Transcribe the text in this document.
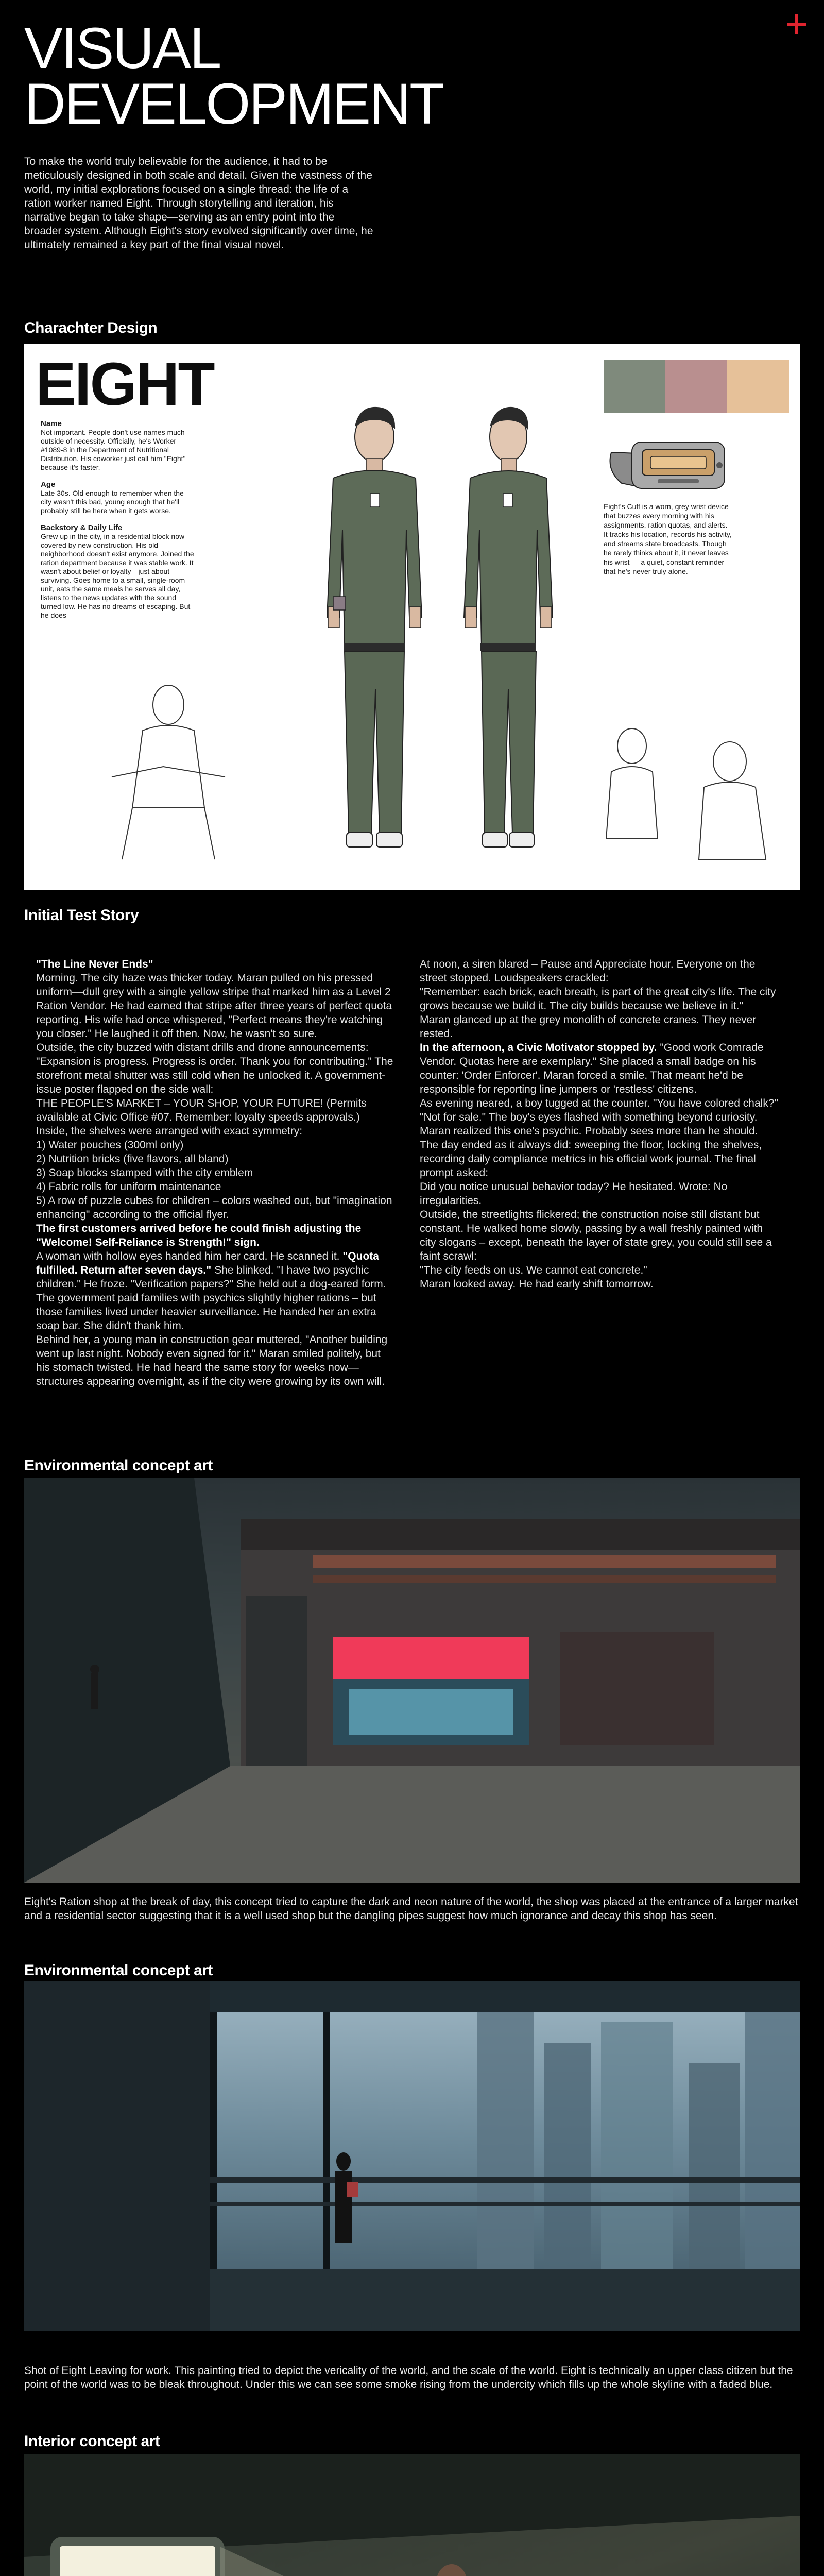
VISUAL DEVELOPMENT
To make the world truly believable for the audience, it had to be meticulously designed in both scale and detail. Given the vastness of the world, my initial explorations focused on a single thread: the life of a ration worker named Eight. Through storytelling and iteration, his narrative began to take shape—serving as an entry point into the broader system. Although Eight's story evolved significantly over time, he ultimately remained a key part of the final visual novel.
Charachter Design
EIGHT
Name

Not important. People don't use names much outside of necessity. Officially, he's Worker #1089-8 in the Department of Nutritional Distribution. His coworker just call him "Eight" because it's faster.

Age

Late 30s. Old enough to remember when the city wasn't this bad, young enough that he'll probably still be here when it gets worse.

Backstory & Daily Life

Grew up in the city, in a residential block now covered by new construction. His old neighborhood doesn't exist anymore. Joined the ration department because it was stable work. It wasn't about belief or loyalty—just about surviving. Goes home to a small, single-room unit, eats the same meals he serves all day, listens to the news updates with the sound turned low. He has no dreams of escaping. But he does

Eight's Cuff is a worn, grey wrist device that buzzes every morning with his assignments, ration quotas, and alerts. It tracks his location, records his activity, and streams state broadcasts. Though he rarely thinks about it, it never leaves his wrist — a quiet, constant reminder that he's never truly alone.
Initial Test Story

"The Line Never Ends"

Morning. The city haze was thicker today. Maran pulled on his pressed uniform—dull grey with a single yellow stripe that marked him as a Level 2 Ration Vendor. He had earned that stripe after three years of perfect quota reporting. His wife had once whispered, "Perfect means they're watching you closer." He laughed it off then. Now, he wasn't so sure.

Outside, the city buzzed with distant drills and drone announcements: "Expansion is progress. Progress is order. Thank you for contributing." The storefront metal shutter was still cold when he unlocked it. A government-issue poster flapped on the side wall:

THE PEOPLE'S MARKET – YOUR SHOP, YOUR FUTURE! (Permits available at Civic Office #07. Remember: loyalty speeds approvals.)

Inside, the shelves were arranged with exact symmetry:

1) Water pouches (300ml only)

2) Nutrition bricks (five flavors, all bland)

3) Soap blocks stamped with the city emblem

4) Fabric rolls for uniform maintenance

5) A row of puzzle cubes for children – colors washed out, but "imagination enhancing" according to the official flyer.

The first customers arrived before he could finish adjusting the "Welcome! Self-Reliance is Strength!" sign.

A woman with hollow eyes handed him her card. He scanned it. "Quota fulfilled. Return after seven days." She blinked. "I have two psychic children." He froze. "Verification papers?" She held out a dog-eared form. The government paid families with psychics slightly higher rations – but those families lived under heavier surveillance. He handed her an extra soap bar. She didn't thank him.

Behind her, a young man in construction gear muttered, "Another building went up last night. Nobody even signed for it." Maran smiled politely, but his stomach twisted. He had heard the same story for weeks now—structures appearing overnight, as if the city were growing by its own will.

At noon, a siren blared – Pause and Appreciate hour. Everyone on the street stopped. Loudspeakers crackled:

"Remember: each brick, each breath, is part of the great city's life. The city grows because we build it. The city builds because we believe in it."

Maran glanced up at the grey monolith of concrete cranes. They never rested.

In the afternoon, a Civic Motivator stopped by. "Good work Comrade Vendor. Quotas here are exemplary." She placed a small badge on his counter: 'Order Enforcer'. Maran forced a smile. That meant he'd be responsible for reporting line jumpers or 'restless' citizens.

As evening neared, a boy tugged at the counter. "You have colored chalk?" "Not for sale." The boy's eyes flashed with something beyond curiosity. Maran realized this one's psychic. Probably sees more than he should.

The day ended as it always did: sweeping the floor, locking the shelves, recording daily compliance metrics in his official work journal. The final prompt asked:

Did you notice unusual behavior today? He hesitated. Wrote: No irregularities.

Outside, the streetlights flickered; the construction noise still distant but constant. He walked home slowly, passing by a wall freshly painted with city slogans – except, beneath the layer of state grey, you could still see a faint scrawl:

"The city feeds on us. We cannot eat concrete."

Maran looked away. He had early shift tomorrow.

Environmental concept art
Eight's Ration shop at the break of day, this concept tried to capture the dark and neon nature of the world, the shop was placed at the entrance of a larger market and a residential sector suggesting that it is a well used shop but the dangling pipes suggest how much ignorance and decay this shop has seen.
Environmental concept art
Shot of Eight Leaving for work. This painting tried to depict the vericality of the world, and the scale of the world. Eight is technically an upper class citizen but the point of the world was to be bleak throughout. Under this we can see some smoke rising from the undercity which fills up the whole skyline with a faded blue.
Interior concept art
